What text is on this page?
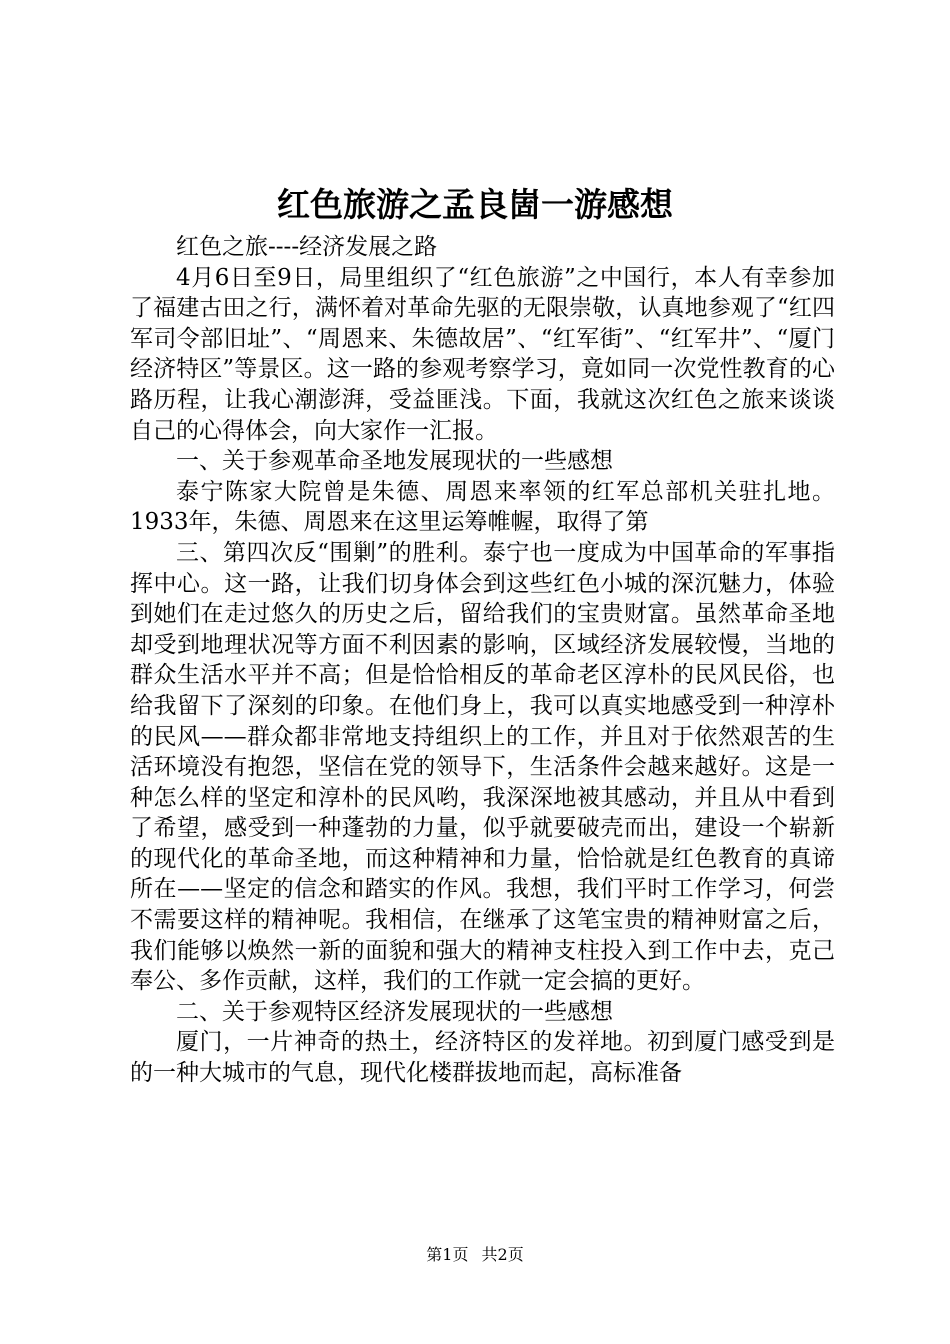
红色旅游之孟良崮一游感想

红色之旅----经济发展之路

4月6日至9日，局里组织了“红色旅游”之中国行，本人有幸参加了福建古田之行，满怀着对革命先驱的无限崇敬，认真地参观了“红四军司令部旧址”、“周恩来、朱德故居”、“红军街”、“红军井”、“厦门经济特区”等景区。这一路的参观考察学习，竟如同一次党性教育的心路历程，让我心潮澎湃，受益匪浅。下面，我就这次红色之旅来谈谈自己的心得体会，向大家作一汇报。

一、关于参观革命圣地发展现状的一些感想

泰宁陈家大院曾是朱德、周恩来率领的红军总部机关驻扎地。1933年，朱德、周恩来在这里运筹帷幄，取得了第

三、第四次反“围剿”的胜利。泰宁也一度成为中国革命的军事指挥中心。这一路，让我们切身体会到这些红色小城的深沉魅力，体验到她们在走过悠久的历史之后，留给我们的宝贵财富。虽然革命圣地却受到地理状况等方面不利因素的影响，区域经济发展较慢，当地的群众生活水平并不高；但是恰恰相反的革命老区淳朴的民风民俗，也给我留下了深刻的印象。在他们身上，我可以真实地感受到一种淳朴的民风——群众都非常地支持组织上的工作，并且对于依然艰苦的生活环境没有抱怨，坚信在党的领导下，生活条件会越来越好。这是一种怎么样的坚定和淳朴的民风哟，我深深地被其感动，并且从中看到了希望，感受到一种蓬勃的力量，似乎就要破壳而出，建设一个崭新的现代化的革命圣地，而这种精神和力量，恰恰就是红色教育的真谛所在——坚定的信念和踏实的作风。我想，我们平时工作学习，何尝不需要这样的精神呢。我相信，在继承了这笔宝贵的精神财富之后，我们能够以焕然一新的面貌和强大的精神支柱投入到工作中去，克己奉公、多作贡献，这样，我们的工作就一定会搞的更好。

二、关于参观特区经济发展现状的一些感想

厦门，一片神奇的热土，经济特区的发祥地。初到厦门感受到是的一种大城市的气息，现代化楼群拔地而起，高标准备

第1页 共2页
